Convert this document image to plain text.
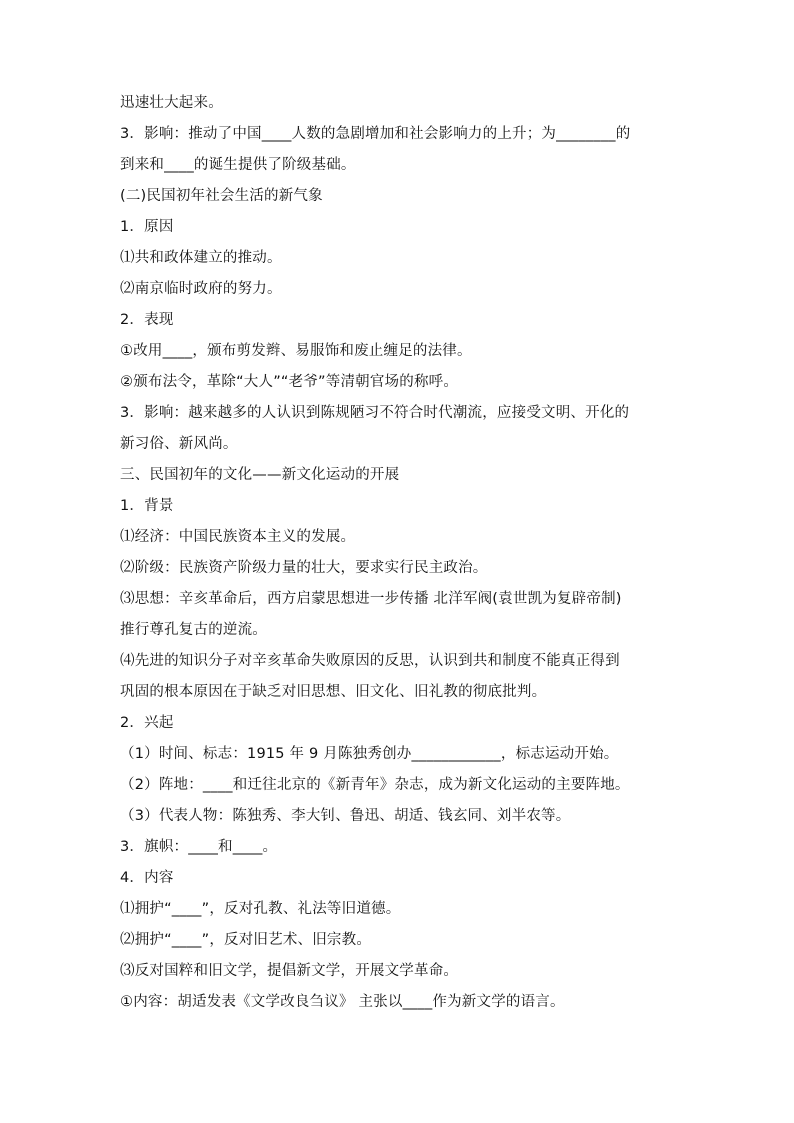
迅速壮大起来。
3．影响：推动了中国____人数的急剧增加和社会影响力的上升；为________的
到来和____的诞生提供了阶级基础。
(二)民国初年社会生活的新气象
1．原因
⑴共和政体建立的推动。
⑵南京临时政府的努力。
2．表现
①改用____，颁布剪发辫、易服饰和废止缠足的法律。
②颁布法令，革除“大人”“老爷”等清朝官场的称呼。
3．影响：越来越多的人认识到陈规陋习不符合时代潮流，应接受文明、开化的
新习俗、新风尚。
三、民国初年的文化——新文化运动的开展
1．背景
⑴经济：中国民族资本主义的发展。
⑵阶级：民族资产阶级力量的壮大，要求实行民主政治。
⑶思想：辛亥革命后，西方启蒙思想进一步传播 北洋军阀(袁世凯为复辟帝制)
推行尊孔复古的逆流。
⑷先进的知识分子对辛亥革命失败原因的反思，认识到共和制度不能真正得到
巩固的根本原因在于缺乏对旧思想、旧文化、旧礼教的彻底批判。
2．兴起
（1）时间、标志：1915 年 9 月陈独秀创办____________，标志运动开始。
（2）阵地：____和迁往北京的《新青年》杂志，成为新文化运动的主要阵地。
（3）代表人物：陈独秀、李大钊、鲁迅、胡适、钱玄同、刘半农等。
3．旗帜：____和____。
4．内容
⑴拥护“____”，反对孔教、礼法等旧道德。
⑵拥护“____”，反对旧艺术、旧宗教。
⑶反对国粹和旧文学，提倡新文学，开展文学革命。
①内容：胡适发表《文学改良刍议》 主张以____作为新文学的语言。
